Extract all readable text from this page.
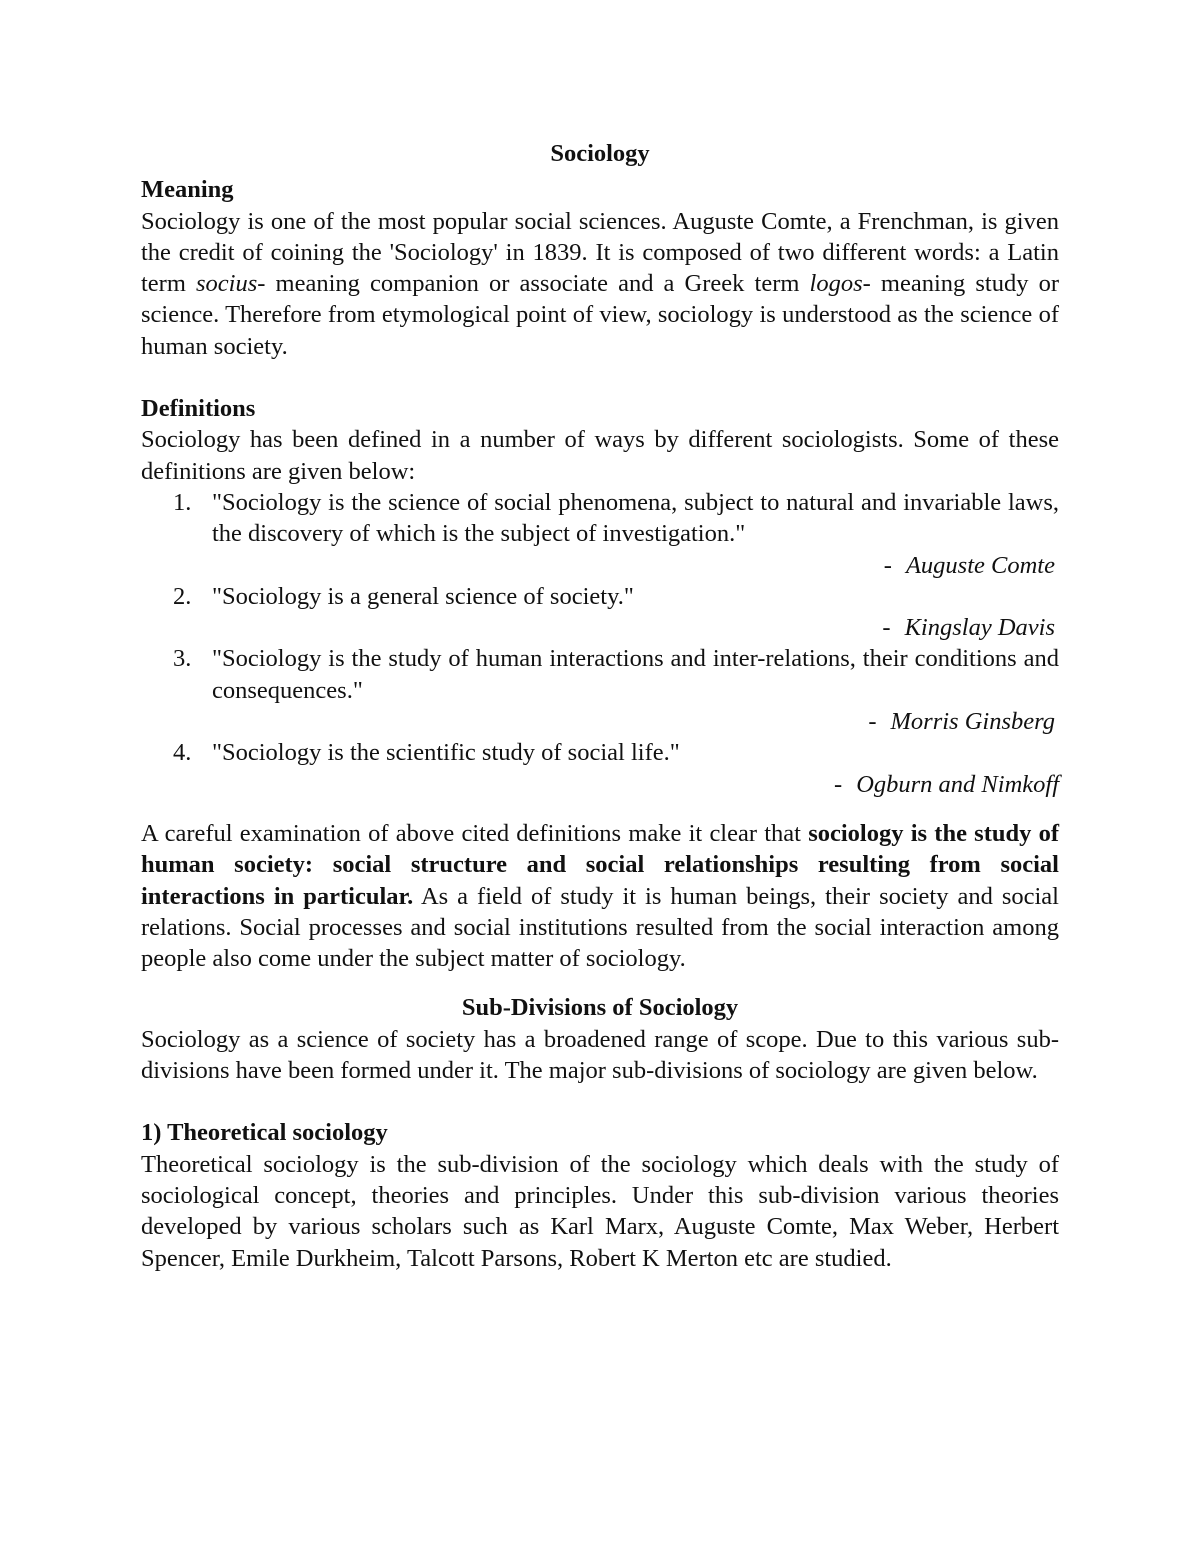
Sociology
Meaning

Sociology is one of the most popular social sciences. Auguste Comte, a Frenchman, is given the credit of coining the 'Sociology' in 1839. It is composed of two different words: a Latin term socius- meaning companion or associate and a Greek term logos- meaning study or science. Therefore from etymological point of view, sociology is understood as the science of human society.

Definitions

Sociology has been defined in a number of ways by different sociologists. Some of these definitions are given below:

1. "Sociology is the science of social phenomena, subject to natural and invariable laws, the discovery of which is the subject of investigation."
- Auguste Comte
2. "Sociology is a general science of society."
- Kingslay Davis
3. "Sociology is the study of human interactions and inter-relations, their conditions and consequences."
- Morris Ginsberg
4. "Sociology is the scientific study of social life."
- Ogburn and Nimkoff

A careful examination of above cited definitions make it clear that sociology is the study of human society: social structure and social relationships resulting from social interactions in particular. As a field of study it is human beings, their society and social relations. Social processes and social institutions resulted from the social interaction among people also come under the subject matter of sociology.

Sub-Divisions of Sociology

Sociology as a science of society has a broadened range of scope. Due to this various sub-divisions have been formed under it. The major sub-divisions of sociology are given below.

1) Theoretical sociology

Theoretical sociology is the sub-division of the sociology which deals with the study of sociological concept, theories and principles. Under this sub-division various theories developed by various scholars such as Karl Marx, Auguste Comte, Max Weber, Herbert Spencer, Emile Durkheim, Talcott Parsons, Robert K Merton etc are studied.
